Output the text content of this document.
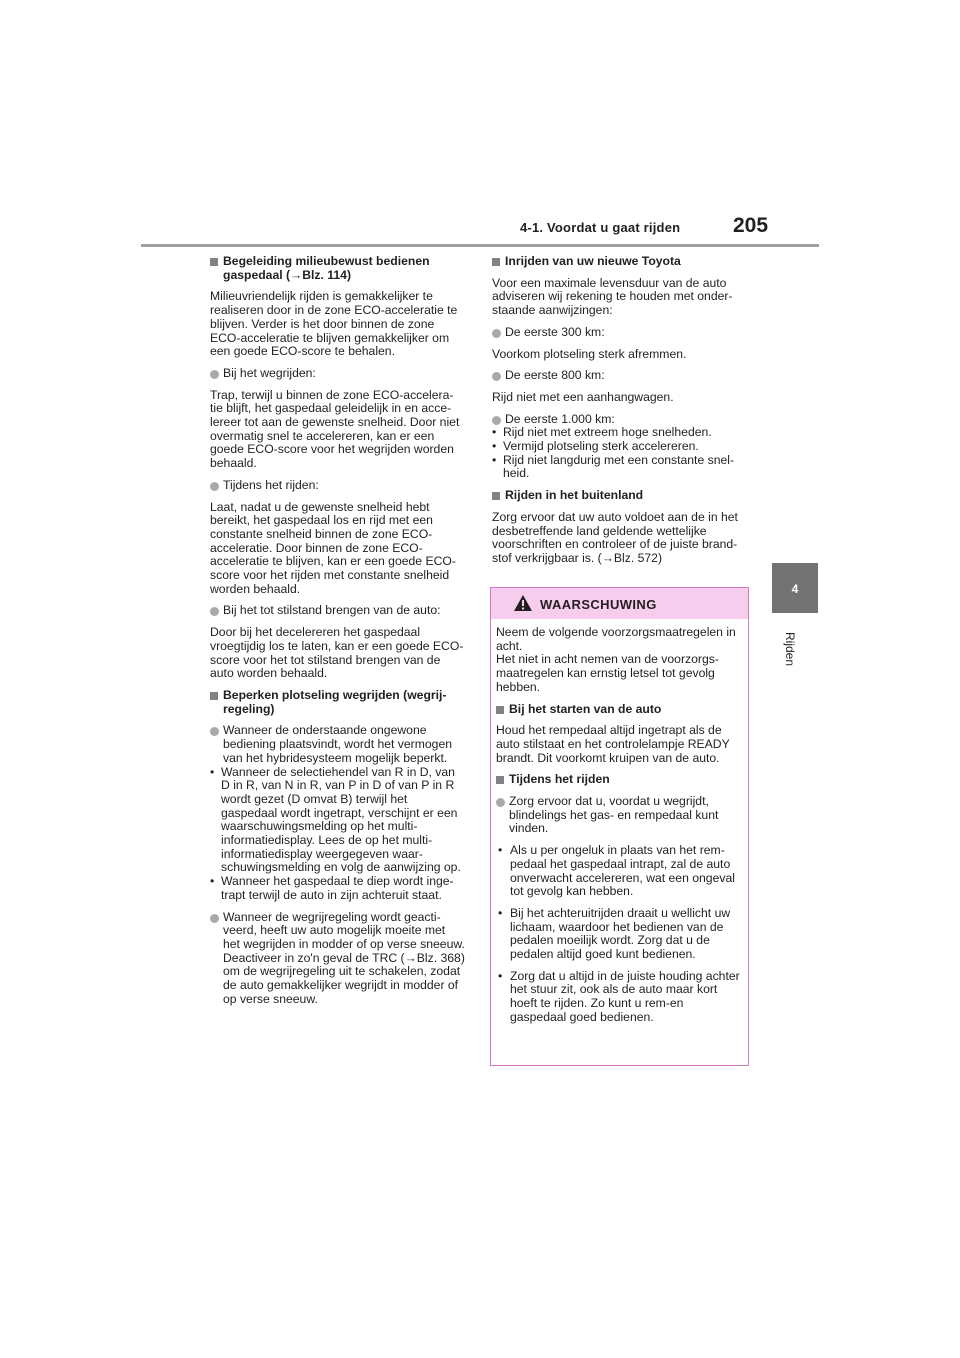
4-1. Voordat u gaat rijden	205
4
Rijden
Begeleiding milieubewust bedienen gaspedaal (→Blz. 114)

Milieuvriendelijk rijden is gemakkelijker te realiseren door in de zone ECO-acceleratie te blijven. Verder is het door binnen de zone ECO-acceleratie te blijven gemakkelijker om een goede ECO-score te behalen.

Bij het wegrijden:

Trap, terwijl u binnen de zone ECO-accelera-tie blijft, het gaspedaal geleidelijk in en acce-lereer tot aan de gewenste snelheid. Door niet overmatig snel te accelereren, kan er een goede ECO-score voor het wegrijden worden behaald.

Tijdens het rijden:

Laat, nadat u de gewenste snelheid hebt bereikt, het gaspedaal los en rijd met een constante snelheid binnen de zone ECO-acceleratie. Door binnen de zone ECO-acceleratie te blijven, kan er een goede ECO-score voor het rijden met constante snelheid worden behaald.

Bij het tot stilstand brengen van de auto:

Door bij het decelereren het gaspedaal vroegtijdig los te laten, kan er een goede ECO-score voor het tot stilstand brengen van de auto worden behaald.

Beperken plotseling wegrijden (wegrij-regeling)
Wanneer de onderstaande ongewone bediening plaatsvindt, wordt het vermogen van het hybridesysteem mogelijk beperkt.
• Wanneer de selectiehendel van R in D, van D in R, van N in R, van P in D of van P in R wordt gezet (D omvat B) terwijl het gaspedaal wordt ingetrapt, verschijnt er een waarschuwingsmelding op het multi-informatiedisplay. Lees de op het multi-informatiedisplay weergegeven waar-schuwingsmelding en volg de aanwijzing op.
• Wanneer het gaspedaal te diep wordt inge-trapt terwijl de auto in zijn achteruit staat.
Wanneer de wegrijregeling wordt geacti-veerd, heeft uw auto mogelijk moeite met het wegrijden in modder of op verse sneeuw. Deactiveer in zo'n geval de TRC (→Blz. 368) om de wegrijregeling uit te schakelen, zodat de auto gemakkelijker wegrijdt in modder of op verse sneeuw.
Inrijden van uw nieuwe Toyota

Voor een maximale levensduur van de auto adviseren wij rekening te houden met onder-staande aanwijzingen:

De eerste 300 km:

Voorkom plotseling sterk afremmen.

De eerste 800 km:

Rijd niet met een aanhangwagen.

De eerste 1.000 km:
• Rijd niet met extreem hoge snelheden.
• Vermijd plotseling sterk accelereren.
• Rijd niet langdurig met een constante snel-heid.
Rijden in het buitenland

Zorg ervoor dat uw auto voldoet aan de in het desbetreffende land geldende wettelijke voorschriften en controleer of de juiste brand-stof verkrijgbaar is. (→Blz. 572)

WAARSCHUWING

Neem de volgende voorzorgsmaatregelen in acht.
Het niet in acht nemen van de voorzorgs-maatregelen kan ernstig letsel tot gevolg hebben.

Bij het starten van de auto

Houd het rempedaal altijd ingetrapt als de auto stilstaat en het controlelampje READY brandt. Dit voorkomt kruipen van de auto.

Tijdens het rijden
Zorg ervoor dat u, voordat u wegrijdt, blindelings het gas- en rempedaal kunt vinden.
• Als u per ongeluk in plaats van het rem-pedaal het gaspedaal intrapt, zal de auto onverwacht accelereren, wat een ongeval tot gevolg kan hebben.
• Bij het achteruitrijden draait u wellicht uw lichaam, waardoor het bedienen van de pedalen moeilijk wordt. Zorg dat u de pedalen altijd goed kunt bedienen.
• Zorg dat u altijd in de juiste houding achter het stuur zit, ook als de auto maar kort hoeft te rijden. Zo kunt u rem-en gaspedaal goed bedienen.
